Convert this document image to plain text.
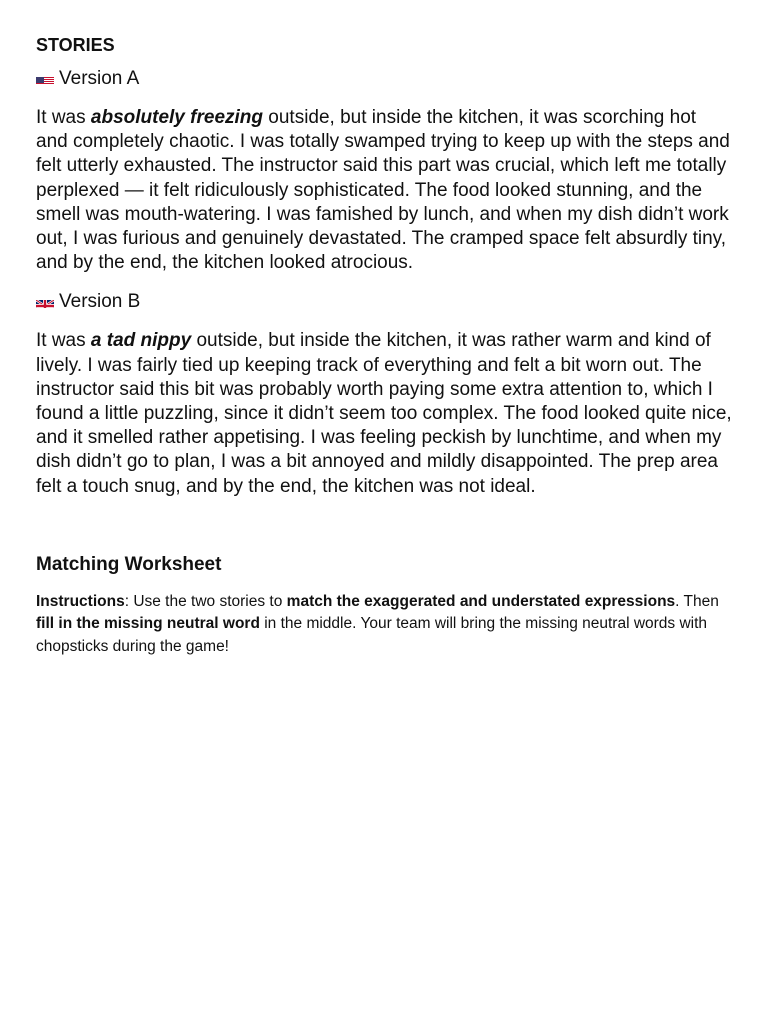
STORIES
Version A

It was absolutely freezing outside, but inside the kitchen, it was scorching hot and completely chaotic. I was totally swamped trying to keep up with the steps and felt utterly exhausted. The instructor said this part was crucial, which left me totally perplexed — it felt ridiculously sophisticated. The food looked stunning, and the smell was mouth-watering. I was famished by lunch, and when my dish didn’t work out, I was furious and genuinely devastated. The cramped space felt absurdly tiny, and by the end, the kitchen looked atrocious.

Version B

It was a tad nippy outside, but inside the kitchen, it was rather warm and kind of lively. I was fairly tied up keeping track of everything and felt a bit worn out. The instructor said this bit was probably worth paying some extra attention to, which I found a little puzzling, since it didn’t seem too complex. The food looked quite nice, and it smelled rather appetising. I was feeling peckish by lunchtime, and when my dish didn’t go to plan, I was a bit annoyed and mildly disappointed. The prep area felt a touch snug, and by the end, the kitchen was not ideal.

Matching Worksheet

Instructions: Use the two stories to match the exaggerated and understated expressions. Then fill in the missing neutral word in the middle. Your team will bring the missing neutral words with chopsticks during the game!
